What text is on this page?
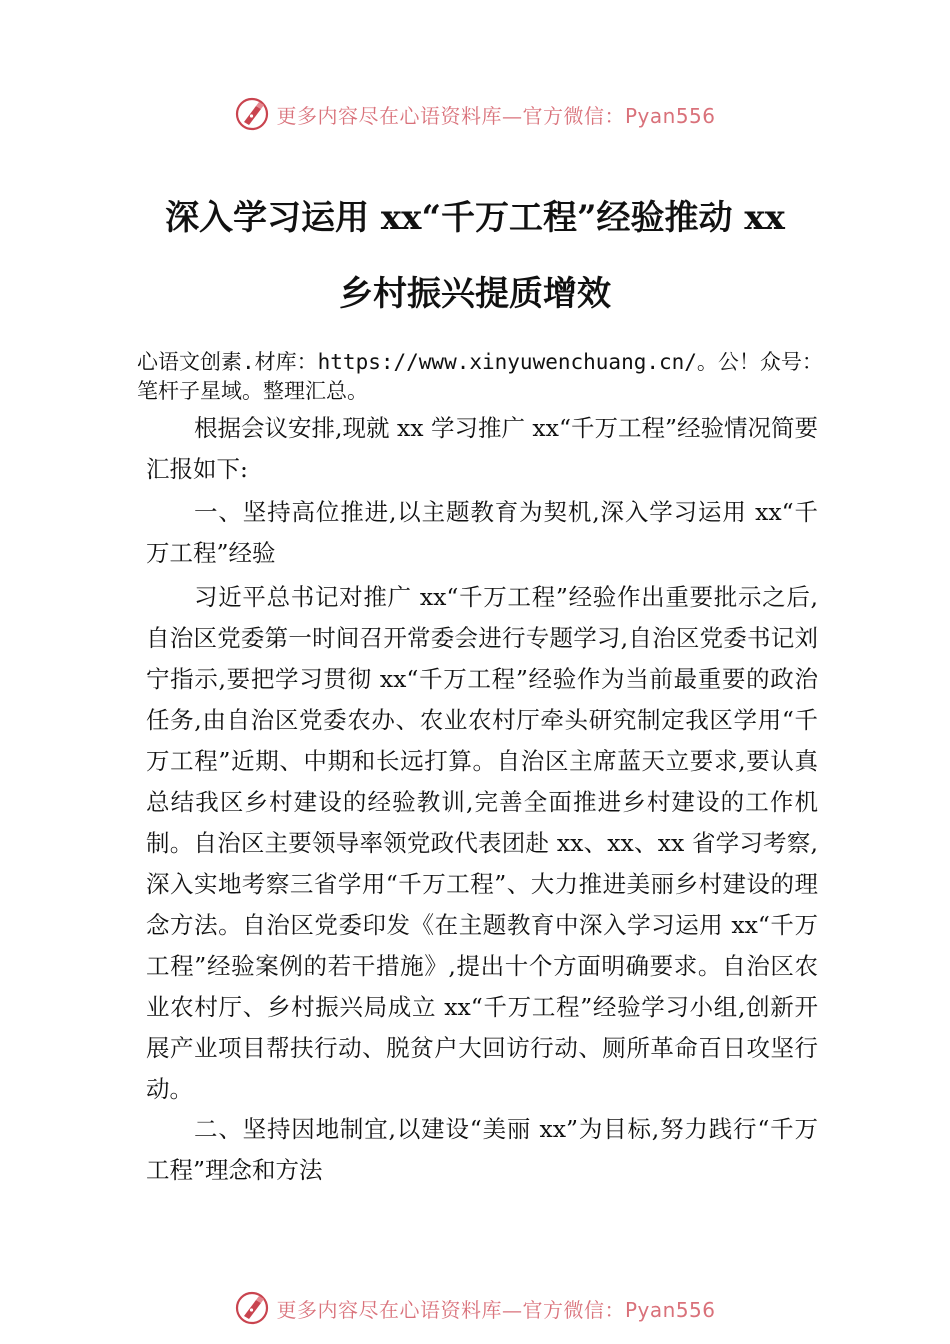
更多内容尽在心语资料库—官方微信：Pyan556
深入学习运用 xx“千万工程”经验推动 xx
乡村振兴提质增效
心语文创素.材库：https://www.xinyuwenchuang.cn/。公！众号：笔杆子星域。整理汇总。
根据会议安排,现就 xx 学习推广 xx“千万工程”经验情况简要汇报如下:
一、坚持高位推进,以主题教育为契机,深入学习运用 xx“千万工程”经验
习近平总书记对推广 xx“千万工程”经验作出重要批示之后,自治区党委第一时间召开常委会进行专题学习,自治区党委书记刘宁指示,要把学习贯彻 xx“千万工程”经验作为当前最重要的政治任务,由自治区党委农办、农业农村厅牵头研究制定我区学用“千万工程”近期、中期和长远打算。自治区主席蓝天立要求,要认真总结我区乡村建设的经验教训,完善全面推进乡村建设的工作机制。自治区主要领导率领党政代表团赴 xx、xx、xx 省学习考察,深入实地考察三省学用“千万工程”、大力推进美丽乡村建设的理念方法。自治区党委印发《在主题教育中深入学习运用 xx“千万工程”经验案例的若干措施》,提出十个方面明确要求。自治区农业农村厅、乡村振兴局成立 xx“千万工程”经验学习小组,创新开展产业项目帮扶行动、脱贫户大回访行动、厕所革命百日攻坚行动。
二、坚持因地制宜,以建设“美丽 xx”为目标,努力践行“千万工程”理念和方法
更多内容尽在心语资料库—官方微信：Pyan556
